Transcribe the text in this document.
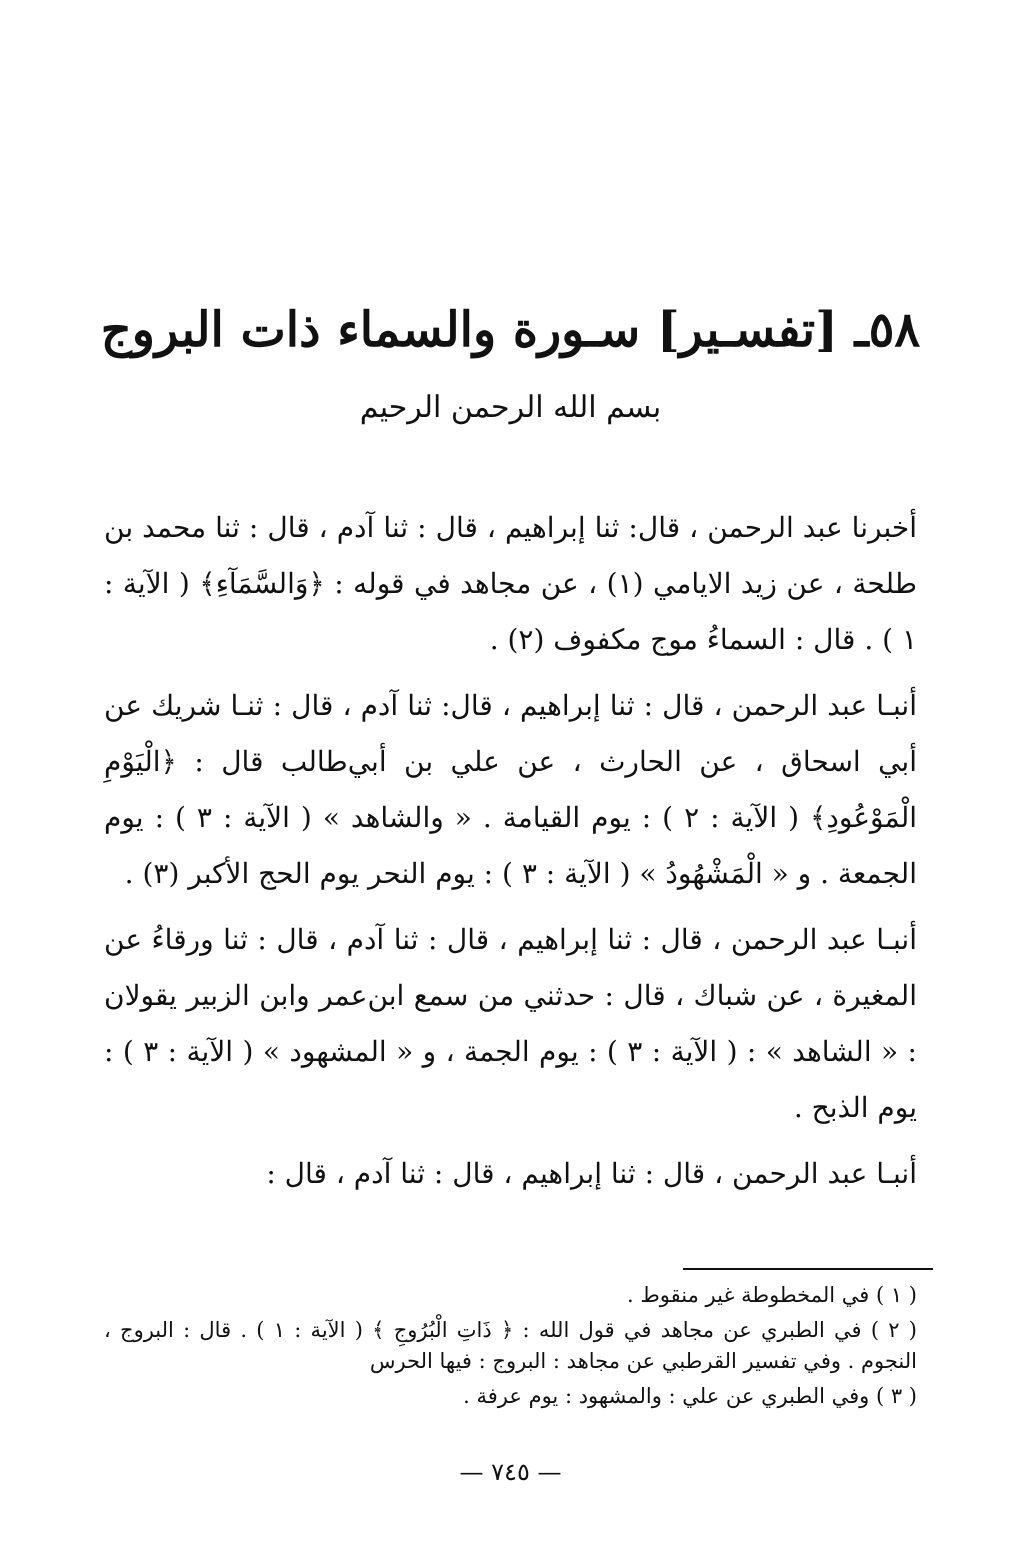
٥٨ـ [تفسـير] سـورة والسماء ذات البروج
بسم الله الرحمن الرحيم

أخبرنا عبد الرحمن ، قال: ثنا إبراهيم ، قال : ثنا آدم ، قال : ثنا محمد بن طلحة ، عن زيد الايامي (١) ، عن مجاهد في قوله : ﴿وَالسَّمَآءِ﴾ ( الآية : ١ ) . قال : السماءُ موج مكفوف (٢) .

أنبـا عبد الرحمن ، قال : ثنا إبراهيم ، قال: ثنا آدم ، قال : ثنـا شريك عن أبي اسحاق ، عن الحارث ، عن علي بن أبي‌طالب قال : ﴿الْيَوْمِ الْمَوْعُودِ﴾ ( الآية : ٢ ) : يوم القيامة . « والشاهد » ( الآية : ٣ ) : يوم الجمعة . و « الْمَشْهُودُ » ( الآية : ٣ ) : يوم النحر يوم الحج الأكبر (٣) .

أنبـا عبد الرحمن ، قال : ثنا إبراهيم ، قال : ثنا آدم ، قال : ثنا ورقاءُ عن المغيرة ، عن شباك ، قال : حدثني من سمع ابن‌عمر وابن الزبير يقولان : « الشاهد » : ( الآية : ٣ ) : يوم الجمة ، و « المشهود » ( الآية : ٣ ) : يوم الذبح .

أنبـا عبد الرحمن ، قال : ثنا إبراهيم ، قال : ثنا آدم ، قال :

( ١ ) في المخطوطة غير منقوط .

( ٢ ) في الطبري عن مجاهد في قول الله : ﴿ ذَاتِ الْبُرُوجِ ﴾ ( الآية : ١ ) . قال : البروج ، النجوم . وفي تفسير القرطبي عن مجاهد : البروج : فيها الحرس

( ٣ ) وفي الطبري عن علي : والمشهود : يوم عرفة .

— ٧٤٥ —
